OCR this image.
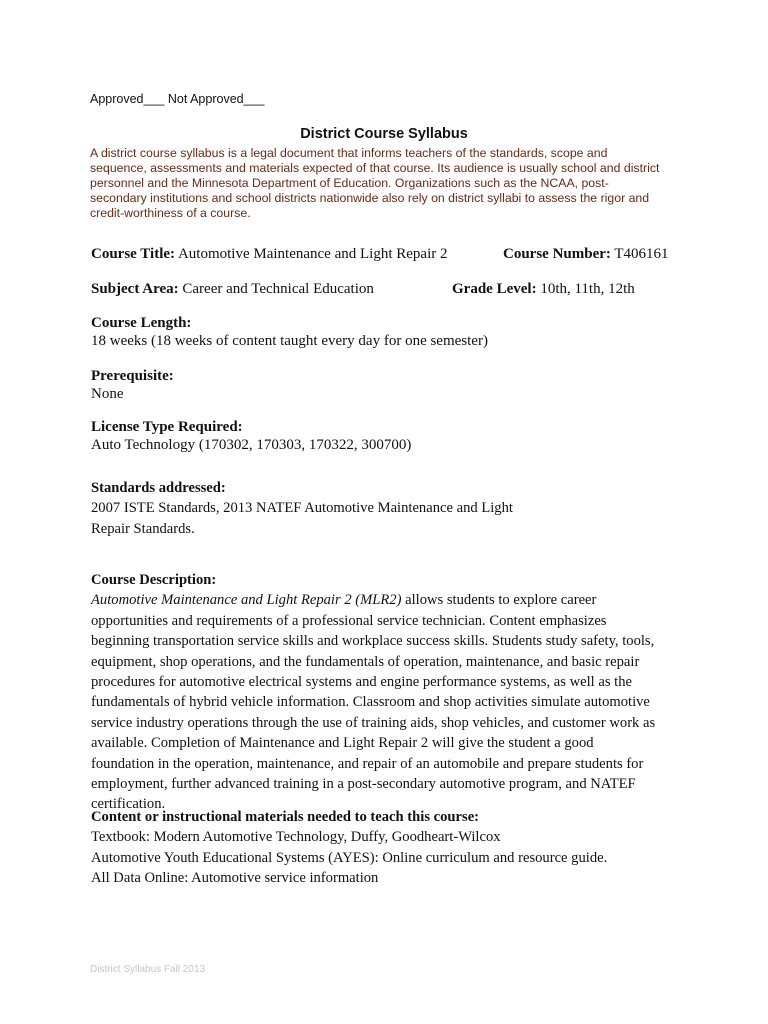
Approved___ Not Approved___
District Course Syllabus
A district course syllabus is a legal document that informs teachers of the standards, scope and
sequence, assessments and materials expected of that course. Its audience is usually school and district
personnel and the Minnesota Department of Education. Organizations such as the NCAA, post-
secondary institutions and school districts nationwide also rely on district syllabi to assess the rigor and
credit-worthiness of a course.
Course Title: Automotive Maintenance and Light Repair 2	Course Number: T406161
Subject Area: Career and Technical Education	Grade Level: 10th, 11th, 12th
Course Length:
18 weeks (18 weeks of content taught every day for one semester)
Prerequisite:
None
License Type Required:
Auto Technology (170302, 170303, 170322, 300700)
Standards addressed:
2007 ISTE Standards, 2013 NATEF Automotive Maintenance and Light
Repair Standards.
Course Description:
Automotive Maintenance and Light Repair 2 (MLR2) allows students to explore career
opportunities and requirements of a professional service technician. Content emphasizes
beginning transportation service skills and workplace success skills. Students study safety, tools,
equipment, shop operations, and the fundamentals of operation, maintenance, and basic repair
procedures for automotive electrical systems and engine performance systems, as well as the
fundamentals of hybrid vehicle information. Classroom and shop activities simulate automotive
service industry operations through the use of training aids, shop vehicles, and customer work as
available. Completion of Maintenance and Light Repair 2 will give the student a good
foundation in the operation, maintenance, and repair of an automobile and prepare students for
employment, further advanced training in a post-secondary automotive program, and NATEF
certification.
Content or instructional materials needed to teach this course:
Textbook: Modern Automotive Technology, Duffy, Goodheart-Wilcox
Automotive Youth Educational Systems (AYES): Online curriculum and resource guide.
All Data Online: Automotive service information
District Syllabus Fall 2013
